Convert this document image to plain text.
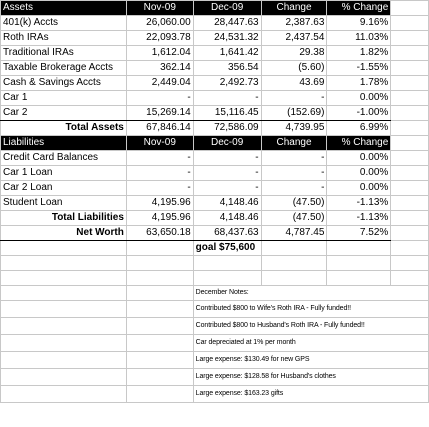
Assets	Nov-09	Dec-09	Change	% Change	
401(k) Accts	26,060.00	28,447.63	2,387.63	9.16%	
Roth IRAs	22,093.78	24,531.32	2,437.54	11.03%	
Traditional IRAs	1,612.04	1,641.42	29.38	1.82%	
Taxable Brokerage Accts	362.14	356.54	(5.60)	-1.55%	
Cash & Savings Accts	2,449.04	2,492.73	43.69	1.78%	
Car 1	-	-	-	0.00%	
Car 2	15,269.14	15,116.45	(152.69)	-1.00%	
Total Assets	67,846.14	72,586.09	4,739.95	6.99%	
Liabilities	Nov-09	Dec-09	Change	% Change	
Credit Card Balances	-	-	-	0.00%	
Car 1 Loan	-	-	-	0.00%	
Car 2 Loan	-	-	-	0.00%	
Student Loan	4,195.96	4,148.46	(47.50)	-1.13%	
Total Liabilities	4,195.96	4,148.46	(47.50)	-1.13%	
Net Worth	63,650.18	68,437.63	4,787.45	7.52%	
		goal $75,600			

		December Notes:			
		Contributed $800 to Wife's Roth IRA - Fully funded!!			
		Contributed $800 to Husband's Roth IRA - Fully funded!!			
		Car depreciated at 1% per month			
		Large expense: $130.49 for new GPS			
		Large expense: $128.58 for Husband's clothes			
		Large expense: $163.23 gifts			
